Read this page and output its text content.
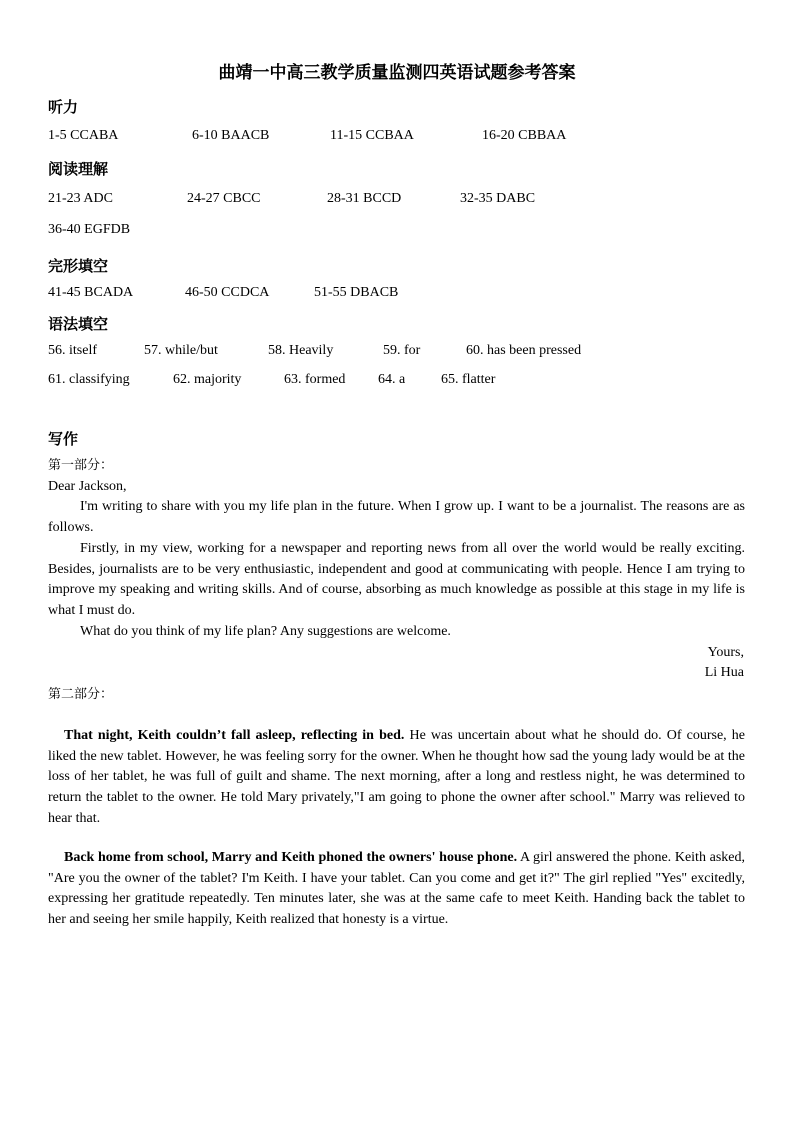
曲靖一中高三教学质量监测四英语试题参考答案
听力
1-5 CCABA	6-10 BAACB	11-15 CCBAA	16-20 CBBAA
阅读理解
21-23 ADC	24-27 CBCC	28-31 BCCD	32-35 DABC
36-40 EGFDB
完形填空
41-45 BCADA	46-50 CCDCA	51-55 DBACB
语法填空
56. itself	57. while/but	58. Heavily	59. for	60. has been pressed
61. classifying	62. majority	63. formed 64. a	65. flatter
写作
第一部分：
Dear Jackson,
I'm writing to share with you my life plan in the future. When I grow up. I want to be a journalist. The reasons are as follows.
Firstly, in my view, working for a newspaper and reporting news from all over the world would be really exciting. Besides, journalists are to be very enthusiastic, independent and good at communicating with people. Hence I am trying to improve my speaking and writing skills. And of course, absorbing as much knowledge as possible at this stage in my life is what I must do.
What do you think of my life plan? Any suggestions are welcome.
Yours,
Li Hua
第二部分：
That night, Keith couldn’t fall asleep, reflecting in bed. He was uncertain about what he should do. Of course, he liked the new tablet. However, he was feeling sorry for the owner. When he thought how sad the young lady would be at the loss of her tablet, he was full of guilt and shame. The next morning, after a long and restless night, he was determined to return the tablet to the owner. He told Mary privately,"I am going to phone the owner after school." Marry was relieved to hear that.
Back home from school, Marry and Keith phoned the owners' house phone. A girl answered the phone. Keith asked, "Are you the owner of the tablet? I'm Keith. I have your tablet. Can you come and get it?" The girl replied "Yes" excitedly, expressing her gratitude repeatedly. Ten minutes later, she was at the same cafe to meet Keith. Handing back the tablet to her and seeing her smile happily, Keith realized that honesty is a virtue.
